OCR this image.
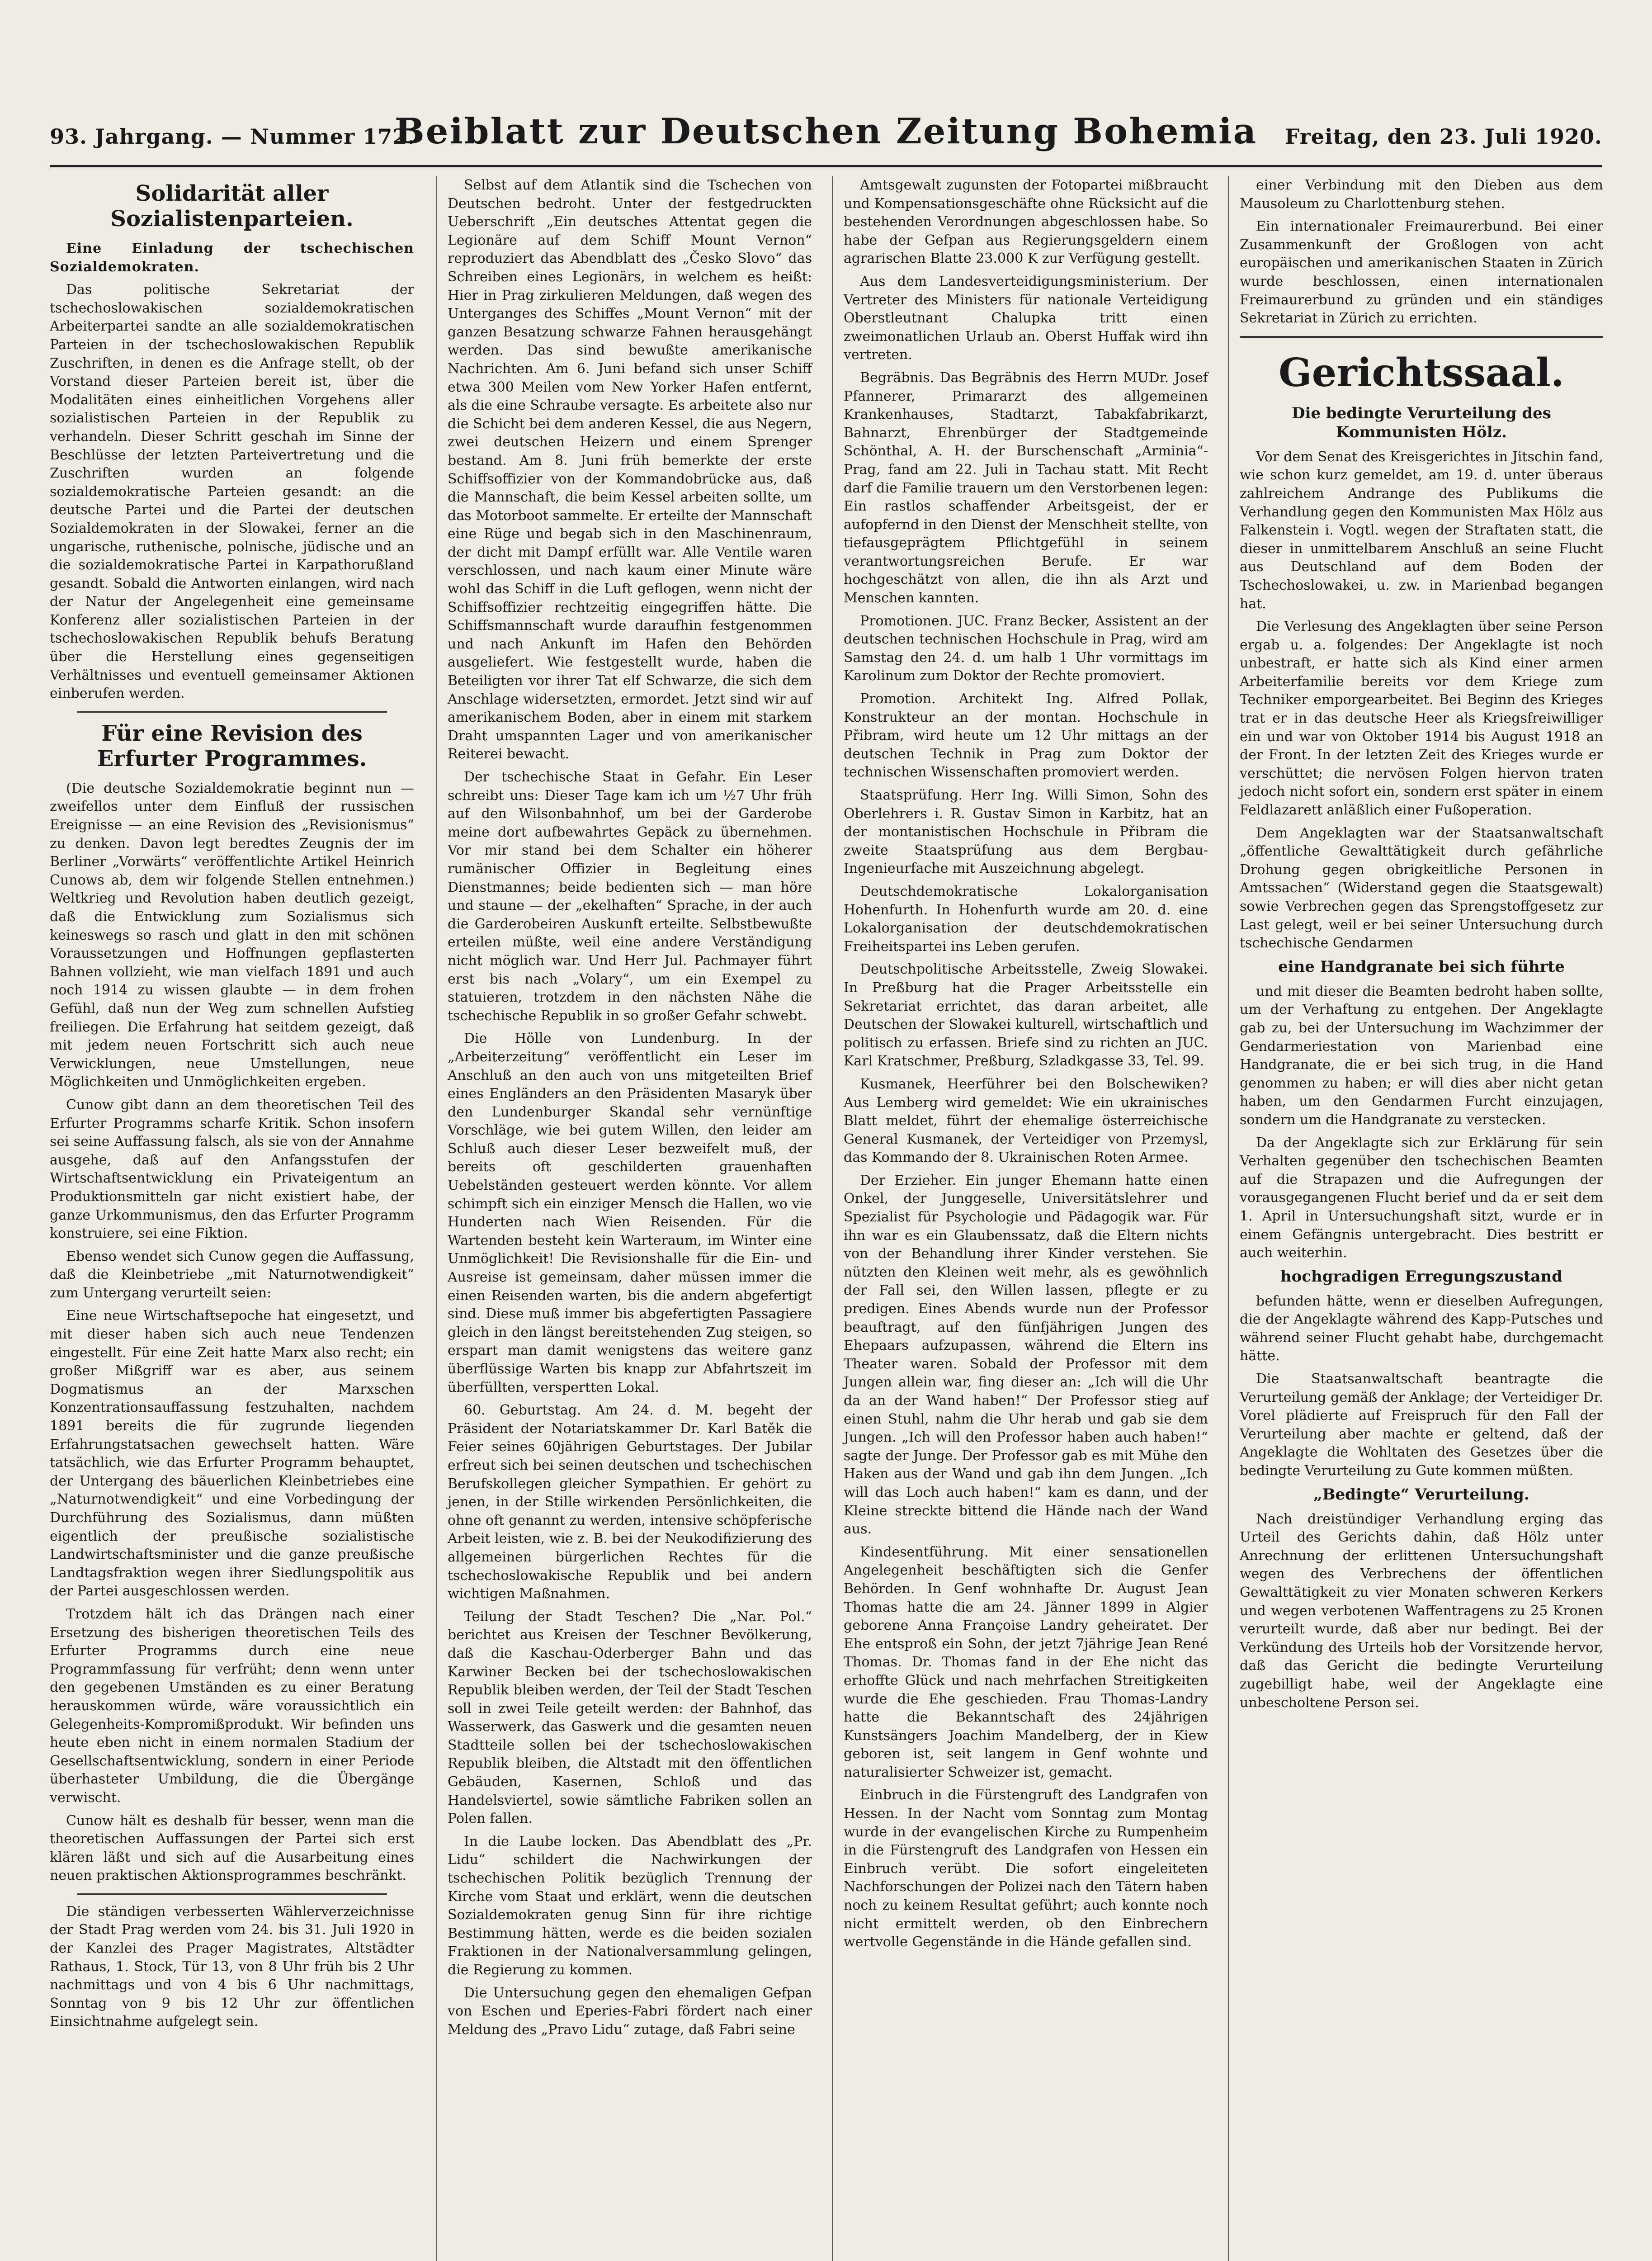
93. Jahrgang. — Nummer 172.
Beiblatt zur Deutschen Zeitung Bohemia	Freitag, den 23. Juli 1920.
Solidarität aller Sozialistenparteien.

Eine Einladung der tschechischen Sozialdemokraten.

Das politische Sekretariat der tschechoslowakischen sozialdemokratischen Arbeiterpartei sandte an alle sozialdemokratischen Parteien in der tschechoslowakischen Republik Zuschriften, in denen es die Anfrage stellt, ob der Vorstand dieser Parteien bereit ist, über die Modalitäten eines einheitlichen Vorgehens aller sozialistischen Parteien in der Republik zu verhandeln. Dieser Schritt geschah im Sinne der Beschlüsse der letzten Parteivertretung und die Zuschriften wurden an folgende sozialdemokratische Parteien gesandt: an die deutsche Partei und die Partei der deutschen Sozialdemokraten in der Slowakei, ferner an die ungarische, ruthenische, polnische, jüdische und an die sozialdemokratische Partei in Karpathorußland gesandt. Sobald die Antworten einlangen, wird nach der Natur der Angelegenheit eine gemeinsame Konferenz aller sozialistischen Parteien in der tschechoslowakischen Republik behufs Beratung über die Herstellung eines gegenseitigen Verhältnisses und eventuell gemeinsamer Aktionen einberufen werden.

Für eine Revision des Erfurter Programmes.

(Die deutsche Sozialdemokratie beginnt nun — zweifellos unter dem Einfluß der russischen Ereignisse — an eine Revision des „Revisionismus“ zu denken. Davon legt beredtes Zeugnis der im Berliner „Vorwärts“ veröffentlichte Artikel Heinrich Cunows ab, dem wir folgende Stellen entnehmen.) Weltkrieg und Revolution haben deutlich gezeigt, daß die Entwicklung zum Sozialismus sich keineswegs so rasch und glatt in den mit schönen Voraussetzungen und Hoffnungen gepflasterten Bahnen vollzieht, wie man vielfach 1891 und auch noch 1914 zu wissen glaubte — in dem frohen Gefühl, daß nun der Weg zum schnellen Aufstieg freiliegen. Die Erfahrung hat seitdem gezeigt, daß mit jedem neuen Fortschritt sich auch neue Verwicklungen, neue Umstellungen, neue Möglichkeiten und Unmöglichkeiten ergeben.

Cunow gibt dann an dem theoretischen Teil des Erfurter Programms scharfe Kritik. Schon insofern sei seine Auffassung falsch, als sie von der Annahme ausgehe, daß auf den Anfangsstufen der Wirtschaftsentwicklung ein Privateigentum an Produktionsmitteln gar nicht existiert habe, der ganze Urkommunismus, den das Erfurter Programm konstruiere, sei eine Fiktion.

Ebenso wendet sich Cunow gegen die Auffassung, daß die Kleinbetriebe „mit Naturnotwendigkeit“ zum Untergang verurteilt seien:

Eine neue Wirtschaftsepoche hat eingesetzt, und mit dieser haben sich auch neue Tendenzen eingestellt. Für eine Zeit hatte Marx also recht; ein großer Mißgriff war es aber, aus seinem Dogmatismus an der Marxschen Konzentrationsauffassung festzuhalten, nachdem 1891 bereits die für zugrunde liegenden Erfahrungstatsachen gewechselt hatten. Wäre tatsächlich, wie das Erfurter Programm behauptet, der Untergang des bäuerlichen Kleinbetriebes eine „Naturnotwendigkeit“ und eine Vorbedingung der Durchführung des Sozialismus, dann müßten eigentlich der preußische sozialistische Landwirtschaftsminister und die ganze preußische Landtagsfraktion wegen ihrer Siedlungspolitik aus der Partei ausgeschlossen werden.

Trotzdem hält ich das Drängen nach einer Ersetzung des bisherigen theoretischen Teils des Erfurter Programms durch eine neue Programmfassung für verfrüht; denn wenn unter den gegebenen Umständen es zu einer Beratung herauskommen würde, wäre voraussichtlich ein Gelegenheits-Kompromißprodukt. Wir befinden uns heute eben nicht in einem normalen Stadium der Gesellschaftsentwicklung, sondern in einer Periode überhasteter Umbildung, die die Übergänge verwischt.

Cunow hält es deshalb für besser, wenn man die theoretischen Auffassungen der Partei sich erst klären läßt und sich auf die Ausarbeitung eines neuen praktischen Aktionsprogrammes beschränkt.

Die ständigen verbesserten Wählerverzeichnisse der Stadt Prag werden vom 24. bis 31. Juli 1920 in der Kanzlei des Prager Magistrates, Altstädter Rathaus, 1. Stock, Tür 13, von 8 Uhr früh bis 2 Uhr nachmittags und von 4 bis 6 Uhr nachmittags, Sonntag von 9 bis 12 Uhr zur öffentlichen Einsichtnahme aufgelegt sein.

Selbst auf dem Atlantik sind die Tschechen von Deutschen bedroht. Unter der festgedruckten Ueberschrift „Ein deutsches Attentat gegen die Legionäre auf dem Schiff Mount Vernon“ reproduziert das Abendblatt des „Česko Slovo“ das Schreiben eines Legionärs, in welchem es heißt: Hier in Prag zirkulieren Meldungen, daß wegen des Unterganges des Schiffes „Mount Vernon“ mit der ganzen Besatzung schwarze Fahnen herausgehängt werden. Das sind bewußte amerikanische Nachrichten. Am 6. Juni befand sich unser Schiff etwa 300 Meilen vom New Yorker Hafen entfernt, als die eine Schraube versagte. Es arbeitete also nur die Schicht bei dem anderen Kessel, die aus Negern, zwei deutschen Heizern und einem Sprenger bestand. Am 8. Juni früh bemerkte der erste Schiffsoffizier von der Kommandobrücke aus, daß die Mannschaft, die beim Kessel arbeiten sollte, um das Motorboot sammelte. Er erteilte der Mannschaft eine Rüge und begab sich in den Maschinenraum, der dicht mit Dampf erfüllt war. Alle Ventile waren verschlossen, und nach kaum einer Minute wäre wohl das Schiff in die Luft geflogen, wenn nicht der Schiffsoffizier rechtzeitig eingegriffen hätte. Die Schiffsmannschaft wurde daraufhin festgenommen und nach Ankunft im Hafen den Behörden ausgeliefert. Wie festgestellt wurde, haben die Beteiligten vor ihrer Tat elf Schwarze, die sich dem Anschlage widersetzten, ermordet. Jetzt sind wir auf amerikanischem Boden, aber in einem mit starkem Draht umspannten Lager und von amerikanischer Reiterei bewacht.

Der tschechische Staat in Gefahr. Ein Leser schreibt uns: Dieser Tage kam ich um ½7 Uhr früh auf den Wilsonbahnhof, um bei der Garderobe meine dort aufbewahrtes Gepäck zu übernehmen. Vor mir stand bei dem Schalter ein höherer rumänischer Offizier in Begleitung eines Dienstmannes; beide bedienten sich — man höre und staune — der „ekelhaften“ Sprache, in der auch die Garderobeiren Auskunft erteilte. Selbstbewußte erteilen müßte, weil eine andere Verständigung nicht möglich war. Und Herr Jul. Pachmayer führt erst bis nach „Volary“, um ein Exempel zu statuieren, trotzdem in den nächsten Nähe die tschechische Republik in so großer Gefahr schwebt.

Die Hölle von Lundenburg. In der „Arbeiterzeitung“ veröffentlicht ein Leser im Anschluß an den auch von uns mitgeteilten Brief eines Engländers an den Präsidenten Masaryk über den Lundenburger Skandal sehr vernünftige Vorschläge, wie bei gutem Willen, den leider am Schluß auch dieser Leser bezweifelt muß, der bereits oft geschilderten grauenhaften Uebelständen gesteuert werden könnte. Vor allem schimpft sich ein einziger Mensch die Hallen, wo vie Hunderten nach Wien Reisenden. Für die Wartenden besteht kein Warteraum, im Winter eine Unmöglichkeit! Die Revisionshalle für die Ein- und Ausreise ist gemeinsam, daher müssen immer die einen Reisenden warten, bis die andern abgefertigt sind. Diese muß immer bis abgefertigten Passagiere gleich in den längst bereitstehenden Zug steigen, so erspart man damit wenigstens das weitere ganz überflüssige Warten bis knapp zur Abfahrtszeit im überfüllten, verspertten Lokal.

60. Geburtstag. Am 24. d. M. begeht der Präsident der Notariatskammer Dr. Karl Batěk die Feier seines 60jährigen Geburtstages. Der Jubilar erfreut sich bei seinen deutschen und tschechischen Berufskollegen gleicher Sympathien. Er gehört zu jenen, in der Stille wirkenden Persönlichkeiten, die ohne oft genannt zu werden, intensive schöpferische Arbeit leisten, wie z. B. bei der Neukodifizierung des allgemeinen bürgerlichen Rechtes für die tschechoslowakische Republik und bei andern wichtigen Maßnahmen.

Teilung der Stadt Teschen? Die „Nar. Pol.“ berichtet aus Kreisen der Teschner Bevölkerung, daß die Kaschau-Oderberger Bahn und das Karwiner Becken bei der tschechoslowakischen Republik bleiben werden, der Teil der Stadt Teschen soll in zwei Teile geteilt werden: der Bahnhof, das Wasserwerk, das Gaswerk und die gesamten neuen Stadtteile sollen bei der tschechoslowakischen Republik bleiben, die Altstadt mit den öffentlichen Gebäuden, Kasernen, Schloß und das Handelsviertel, sowie sämtliche Fabriken sollen an Polen fallen.

In die Laube locken. Das Abendblatt des „Pr. Lidu“ schildert die Nachwirkungen der tschechischen Politik bezüglich Trennung der Kirche vom Staat und erklärt, wenn die deutschen Sozialdemokraten genug Sinn für ihre richtige Bestimmung hätten, werde es die beiden sozialen Fraktionen in der Nationalversammlung gelingen, die Regierung zu kommen.

Die Untersuchung gegen den ehemaligen Gefpan von Eschen und Eperies-Fabri fördert nach einer Meldung des „Pravo Lidu“ zutage, daß Fabri seine

Amtsgewalt zugunsten der Fotopartei mißbraucht und Kompensationsgeschäfte ohne Rücksicht auf die bestehenden Verordnungen abgeschlossen habe. So habe der Gefpan aus Regierungsgeldern einem agrarischen Blatte 23.000 K zur Verfügung gestellt.

Aus dem Landesverteidigungsministerium. Der Vertreter des Ministers für nationale Verteidigung Oberstleutnant Chalupka tritt einen zweimonatlichen Urlaub an. Oberst Huffak wird ihn vertreten.

Begräbnis. Das Begräbnis des Herrn MUDr. Josef Pfannerer, Primararzt des allgemeinen Krankenhauses, Stadtarzt, Tabakfabrikarzt, Bahnarzt, Ehrenbürger der Stadtgemeinde Schönthal, A. H. der Burschenschaft „Arminia“-Prag, fand am 22. Juli in Tachau statt. Mit Recht darf die Familie trauern um den Verstorbenen legen: Ein rastlos schaffender Arbeitsgeist, der er aufopfernd in den Dienst der Menschheit stellte, von tiefausgeprägtem Pflichtgefühl in seinem verantwortungsreichen Berufe. Er war hochgeschätzt von allen, die ihn als Arzt und Menschen kannten.

Promotionen. JUC. Franz Becker, Assistent an der deutschen technischen Hochschule in Prag, wird am Samstag den 24. d. um halb 1 Uhr vormittags im Karolinum zum Doktor der Rechte promoviert.

Promotion. Architekt Ing. Alfred Pollak, Konstrukteur an der montan. Hochschule in Přibram, wird heute um 12 Uhr mittags an der deutschen Technik in Prag zum Doktor der technischen Wissenschaften promoviert werden.

Staatsprüfung. Herr Ing. Willi Simon, Sohn des Oberlehrers i. R. Gustav Simon in Karbitz, hat an der montanistischen Hochschule in Přibram die zweite Staatsprüfung aus dem Bergbau-Ingenieurfache mit Auszeichnung abgelegt.

Deutschdemokratische Lokalorganisation Hohenfurth. In Hohenfurth wurde am 20. d. eine Lokalorganisation der deutschdemokratischen Freiheitspartei ins Leben gerufen.

Deutschpolitische Arbeitsstelle, Zweig Slowakei. In Preßburg hat die Prager Arbeitsstelle ein Sekretariat errichtet, das daran arbeitet, alle Deutschen der Slowakei kulturell, wirtschaftlich und politisch zu erfassen. Briefe sind zu richten an JUC. Karl Kratschmer, Preßburg, Szladkgasse 33, Tel. 99.

Kusmanek, Heerführer bei den Bolschewiken? Aus Lemberg wird gemeldet: Wie ein ukrainisches Blatt meldet, führt der ehemalige österreichische General Kusmanek, der Verteidiger von Przemysl, das Kommando der 8. Ukrainischen Roten Armee.

Der Erzieher. Ein junger Ehemann hatte einen Onkel, der Junggeselle, Universitätslehrer und Spezialist für Psychologie und Pädagogik war. Für ihn war es ein Glaubenssatz, daß die Eltern nichts von der Behandlung ihrer Kinder verstehen. Sie nützten den Kleinen weit mehr, als es gewöhnlich der Fall sei, den Willen lassen, pflegte er zu predigen. Eines Abends wurde nun der Professor beauftragt, auf den fünfjährigen Jungen des Ehepaars aufzupassen, während die Eltern ins Theater waren. Sobald der Professor mit dem Jungen allein war, fing dieser an: „Ich will die Uhr da an der Wand haben!“ Der Professor stieg auf einen Stuhl, nahm die Uhr herab und gab sie dem Jungen. „Ich will den Professor haben auch haben!“ sagte der Junge. Der Professor gab es mit Mühe den Haken aus der Wand und gab ihn dem Jungen. „Ich will das Loch auch haben!“ kam es dann, und der Kleine streckte bittend die Hände nach der Wand aus.

Kindesentführung. Mit einer sensationellen Angelegenheit beschäftigten sich die Genfer Behörden. In Genf wohnhafte Dr. August Jean Thomas hatte die am 24. Jänner 1899 in Algier geborene Anna Françoise Landry geheiratet. Der Ehe entsproß ein Sohn, der jetzt 7jährige Jean René Thomas. Dr. Thomas fand in der Ehe nicht das erhoffte Glück und nach mehrfachen Streitigkeiten wurde die Ehe geschieden. Frau Thomas-Landry hatte die Bekanntschaft des 24jährigen Kunstsängers Joachim Mandelberg, der in Kiew geboren ist, seit langem in Genf wohnte und naturalisierter Schweizer ist, gemacht.

Einbruch in die Fürstengruft des Landgrafen von Hessen. In der Nacht vom Sonntag zum Montag wurde in der evangelischen Kirche zu Rumpenheim in die Fürstengruft des Landgrafen von Hessen ein Einbruch verübt. Die sofort eingeleiteten Nachforschungen der Polizei nach den Tätern haben noch zu keinem Resultat geführt; auch konnte noch nicht ermittelt werden, ob den Einbrechern wertvolle Gegenstände in die Hände gefallen sind.

einer Verbindung mit den Dieben aus dem Mausoleum zu Charlottenburg stehen.

Ein internationaler Freimaurerbund. Bei einer Zusammenkunft der Großlogen von acht europäischen und amerikanischen Staaten in Zürich wurde beschlossen, einen internationalen Freimaurerbund zu gründen und ein ständiges Sekretariat in Zürich zu errichten.

Gerichtssaal.
Die bedingte Verurteilung des Kommunisten Hölz.

Vor dem Senat des Kreisgerichtes in Jitschin fand, wie schon kurz gemeldet, am 19. d. unter überaus zahlreichem Andrange des Publikums die Verhandlung gegen den Kommunisten Max Hölz aus Falkenstein i. Vogtl. wegen der Straftaten statt, die dieser in unmittelbarem Anschluß an seine Flucht aus Deutschland auf dem Boden der Tschechoslowakei, u. zw. in Marienbad begangen hat.

Die Verlesung des Angeklagten über seine Person ergab u. a. folgendes: Der Angeklagte ist noch unbestraft, er hatte sich als Kind einer armen Arbeiterfamilie bereits vor dem Kriege zum Techniker emporgearbeitet. Bei Beginn des Krieges trat er in das deutsche Heer als Kriegsfreiwilliger ein und war von Oktober 1914 bis August 1918 an der Front. In der letzten Zeit des Krieges wurde er verschüttet; die nervösen Folgen hiervon traten jedoch nicht sofort ein, sondern erst später in einem Feldlazarett anläßlich einer Fußoperation.

Dem Angeklagten war der Staatsanwaltschaft „öffentliche Gewalttätigkeit durch gefährliche Drohung gegen obrigkeitliche Personen in Amtssachen“ (Widerstand gegen die Staatsgewalt) sowie Verbrechen gegen das Sprengstoffgesetz zur Last gelegt, weil er bei seiner Untersuchung durch tschechische Gendarmen

eine Handgranate bei sich führte

und mit dieser die Beamten bedroht haben sollte, um der Verhaftung zu entgehen. Der Angeklagte gab zu, bei der Untersuchung im Wachzimmer der Gendarmeriestation von Marienbad eine Handgranate, die er bei sich trug, in die Hand genommen zu haben; er will dies aber nicht getan haben, um den Gendarmen Furcht einzujagen, sondern um die Handgranate zu verstecken.

Da der Angeklagte sich zur Erklärung für sein Verhalten gegenüber den tschechischen Beamten auf die Strapazen und die Aufregungen der vorausgegangenen Flucht berief und da er seit dem 1. April in Untersuchungshaft sitzt, wurde er in einem Gefängnis untergebracht. Dies bestritt er auch weiterhin.

hochgradigen Erregungszustand

befunden hätte, wenn er dieselben Aufregungen, die der Angeklagte während des Kapp-Putsches und während seiner Flucht gehabt habe, durchgemacht hätte.

Die Staatsanwaltschaft beantragte die Verurteilung gemäß der Anklage; der Verteidiger Dr. Vorel plädierte auf Freispruch für den Fall der Verurteilung aber machte er geltend, daß der Angeklagte die Wohltaten des Gesetzes über die bedingte Verurteilung zu Gute kommen müßten.

„Bedingte“ Verurteilung.

Nach dreistündiger Verhandlung erging das Urteil des Gerichts dahin, daß Hölz unter Anrechnung der erlittenen Untersuchungshaft wegen des Verbrechens der öffentlichen Gewalttätigkeit zu vier Monaten schweren Kerkers und wegen verbotenen Waffentragens zu 25 Kronen verurteilt wurde, daß aber nur bedingt. Bei der Verkündung des Urteils hob der Vorsitzende hervor, daß das Gericht die bedingte Verurteilung zugebilligt habe, weil der Angeklagte eine unbescholtene Person sei.
